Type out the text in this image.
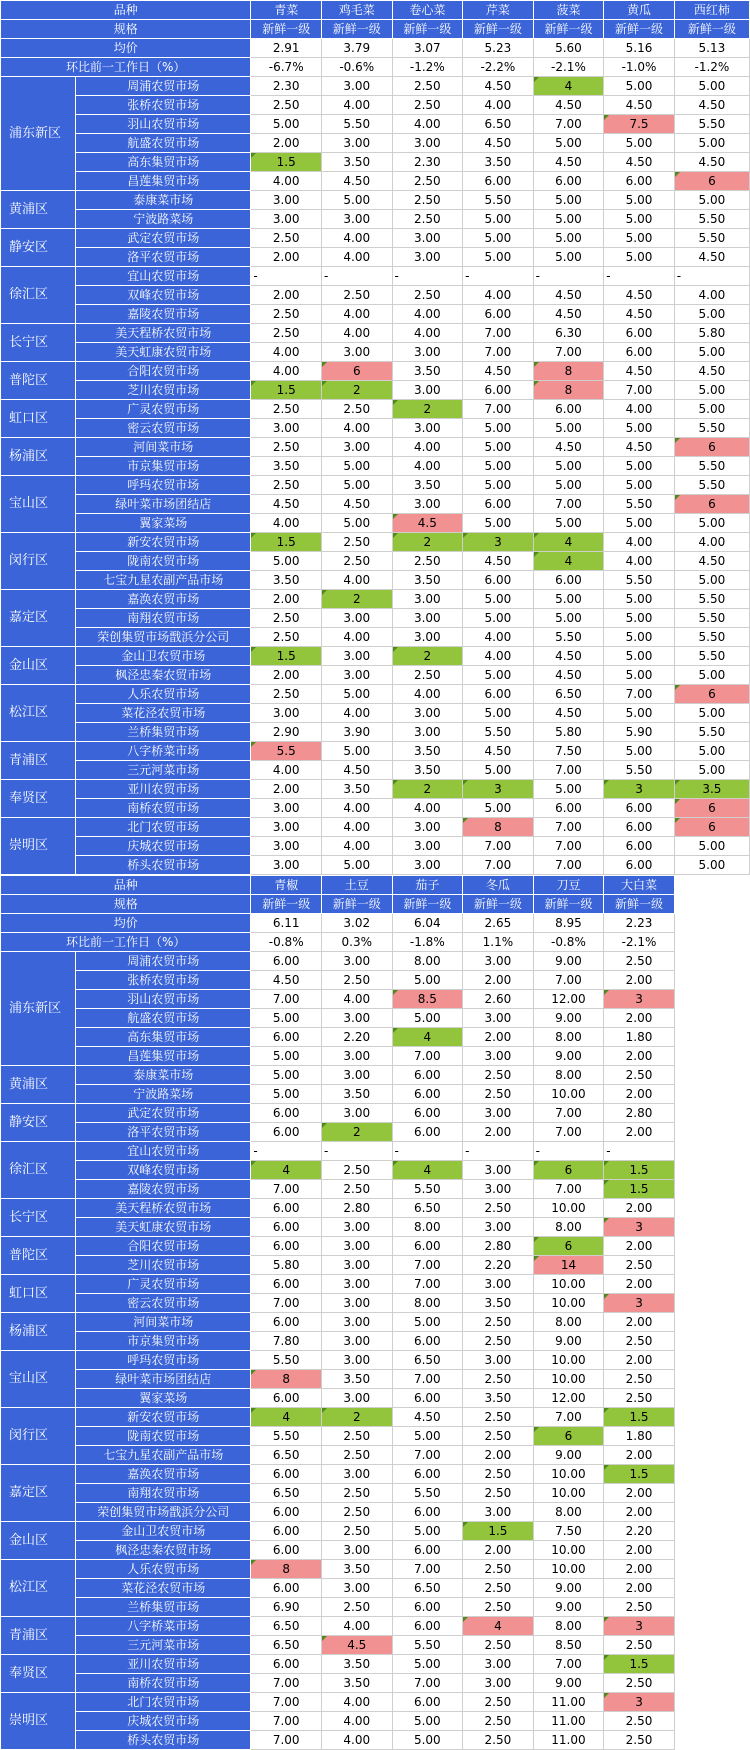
品种		青菜	鸡毛菜	卷心菜	芹菜	菠菜	黄瓜	西红柿
规格		新鲜一级	新鲜一级	新鲜一级	新鲜一级	新鲜一级	新鲜一级	新鲜一级
均价		2.91	3.79	3.07	5.23	5.60	5.16	5.13
环比前一工作日（%）		-6.7%	-0.6%	-1.2%	-2.2%	-2.1%	-1.0%	-1.2%
浦东新区	周浦农贸市场	2.30	3.00	2.50	4.50	4	5.00	5.00
	张桥农贸市场	2.50	4.00	2.50	4.00	4.50	4.50	4.50
	羽山农贸市场	5.00	5.50	4.00	6.50	7.00	7.5	5.50
	航盛农贸市场	2.00	3.00	3.00	4.50	5.00	5.00	5.00
	高东集贸市场	1.5	3.50	2.30	3.50	4.50	4.50	4.50
	昌莲集贸市场	4.00	4.50	2.50	6.00	6.00	6.00	6
黄浦区	泰康菜市场	3.00	5.00	2.50	5.50	5.00	5.00	5.00
	宁波路菜场	3.00	3.00	2.50	5.00	5.00	5.00	5.50
静安区	武定农贸市场	2.50	4.00	3.00	5.00	5.00	5.00	5.50
	洛平农贸市场	2.00	4.00	3.00	5.00	5.00	5.00	4.50
徐汇区	宜山农贸市场	-	-	-	-	-	-	-
	双峰农贸市场	2.00	2.50	2.50	4.00	4.50	4.50	4.00
	嘉陵农贸市场	2.50	4.00	4.00	6.00	4.50	4.50	5.00
长宁区	美天程桥农贸市场	2.50	4.00	4.00	7.00	6.30	6.00	5.80
	美天虹康农贸市场	4.00	3.00	3.00	7.00	7.00	6.00	5.00
普陀区	合阳农贸市场	4.00	6	3.50	4.50	8	4.50	4.50
	芝川农贸市场	1.5	2	3.00	6.00	8	7.00	5.00
虹口区	广灵农贸市场	2.50	2.50	2	7.00	6.00	4.00	5.00
	密云农贸市场	3.00	4.00	3.00	5.00	5.00	5.00	5.50
杨浦区	河间菜市场	2.50	3.00	4.00	5.00	4.50	4.50	6
	市京集贸市场	3.50	5.00	4.00	5.00	5.00	5.00	5.50
宝山区	呼玛农贸市场	2.50	5.00	3.50	5.00	5.00	5.00	5.50
	绿叶菜市场团结店	4.50	4.50	3.00	6.00	7.00	5.50	6
	翼家菜场	4.00	5.00	4.5	5.00	5.00	5.00	5.00
闵行区	新安农贸市场	1.5	2.50	2	3	4	4.00	4.00
	陇南农贸市场	5.00	2.50	2.50	4.50	4	4.00	4.50
	七宝九星农副产品市场	3.50	4.00	3.50	6.00	6.00	5.50	5.00
嘉定区	嘉涣农贸市场	2.00	2	3.00	5.00	5.00	5.00	5.50
	南翔农贸市场	2.50	3.00	3.00	5.00	5.00	5.00	5.50
	荣创集贸市场戬浜分公司	2.50	4.00	3.00	4.00	5.50	5.00	5.50
金山区	金山卫农贸市场	1.5	3.00	2	4.00	4.50	5.00	5.50
	枫泾忠秦农贸市场	2.00	3.00	2.50	5.00	4.50	5.00	5.00
松江区	人乐农贸市场	2.50	5.00	4.00	6.00	6.50	7.00	6
	菜花泾农贸市场	3.00	4.00	3.00	5.00	4.50	5.00	5.00
	兰桥集贸市场	2.90	3.90	3.00	5.50	5.80	5.90	5.50
青浦区	八字桥菜市场	5.5	5.00	3.50	4.50	7.50	5.00	5.00
	三元河菜市场	4.00	4.50	3.50	5.00	7.00	5.50	5.00
奉贤区	亚川农贸市场	2.00	3.50	2	3	5.00	3	3.5
	南桥农贸市场	3.00	4.00	4.00	5.00	6.00	6.00	6
崇明区	北门农贸市场	3.00	4.00	3.00	8	7.00	6.00	6
	庆城农贸市场	3.00	4.00	3.00	7.00	7.00	6.00	5.00
	桥头农贸市场	3.00	5.00	3.00	7.00	7.00	6.00	5.00
品种		青椒	土豆	茄子	冬瓜	刀豆	大白菜	
规格		新鲜一级	新鲜一级	新鲜一级	新鲜一级	新鲜一级	新鲜一级	
均价		6.11	3.02	6.04	2.65	8.95	2.23	
环比前一工作日（%）		-0.8%	0.3%	-1.8%	1.1%	-0.8%	-2.1%	
浦东新区	周浦农贸市场	6.00	3.00	8.00	3.00	9.00	2.50	
	张桥农贸市场	4.50	2.50	5.00	2.00	7.00	2.00	
	羽山农贸市场	7.00	4.00	8.5	2.60	12.00	3	
	航盛农贸市场	5.00	3.00	5.00	3.00	9.00	2.00	
	高东集贸市场	6.00	2.20	4	2.00	8.00	1.80	
	昌莲集贸市场	5.00	3.00	7.00	3.00	9.00	2.00	
黄浦区	泰康菜市场	5.00	3.00	6.00	2.50	8.00	2.50	
	宁波路菜场	5.00	3.50	6.00	2.50	10.00	2.00	
静安区	武定农贸市场	6.00	3.00	6.00	3.00	7.00	2.80	
	洛平农贸市场	6.00	2	6.00	2.00	7.00	2.00	
徐汇区	宜山农贸市场	-	-	-	-	-	-	
	双峰农贸市场	4	2.50	4	3.00	6	1.5	
	嘉陵农贸市场	7.00	2.50	5.50	3.00	7.00	1.5	
长宁区	美天程桥农贸市场	6.00	2.80	6.50	2.50	10.00	2.00	
	美天虹康农贸市场	6.00	3.00	8.00	3.00	8.00	3	
普陀区	合阳农贸市场	6.00	3.00	6.00	2.80	6	2.00	
	芝川农贸市场	5.80	3.00	7.00	2.20	14	2.50	
虹口区	广灵农贸市场	6.00	3.00	7.00	3.00	10.00	2.00	
	密云农贸市场	7.00	3.00	8.00	3.50	10.00	3	
杨浦区	河间菜市场	6.00	3.00	5.00	2.50	8.00	2.00	
	市京集贸市场	7.80	3.00	6.00	2.50	9.00	2.50	
宝山区	呼玛农贸市场	5.50	3.00	6.50	3.00	10.00	2.00	
	绿叶菜市场团结店	8	3.50	7.00	2.50	10.00	2.50	
	翼家菜场	6.00	3.00	6.00	3.50	12.00	2.50	
闵行区	新安农贸市场	4	2	4.50	2.50	7.00	1.5	
	陇南农贸市场	5.50	2.50	5.00	2.50	6	1.80	
	七宝九星农副产品市场	6.50	2.50	7.00	2.00	9.00	2.00	
嘉定区	嘉涣农贸市场	6.00	3.00	6.00	2.50	10.00	1.5	
	南翔农贸市场	6.50	2.50	5.50	2.50	10.00	2.00	
	荣创集贸市场戬浜分公司	6.00	2.50	6.00	3.00	8.00	2.00	
金山区	金山卫农贸市场	6.00	2.50	5.00	1.5	7.50	2.20	
	枫泾忠秦农贸市场	6.00	3.00	6.00	2.00	10.00	2.00	
松江区	人乐农贸市场	8	3.50	7.00	2.50	10.00	2.00	
	菜花泾农贸市场	6.00	3.00	6.50	2.50	9.00	2.00	
	兰桥集贸市场	6.90	2.50	6.00	2.50	9.00	2.50	
青浦区	八字桥菜市场	6.50	4.00	6.00	4	8.00	3	
	三元河菜市场	6.50	4.5	5.50	2.50	8.50	2.50	
奉贤区	亚川农贸市场	6.00	3.50	5.00	3.00	7.00	1.5	
	南桥农贸市场	7.00	3.50	7.00	3.00	9.00	2.50	
崇明区	北门农贸市场	7.00	4.00	6.00	2.50	11.00	3	
	庆城农贸市场	7.00	4.00	5.00	2.50	11.00	2.50	
	桥头农贸市场	7.00	4.00	5.00	2.50	11.00	2.50	
